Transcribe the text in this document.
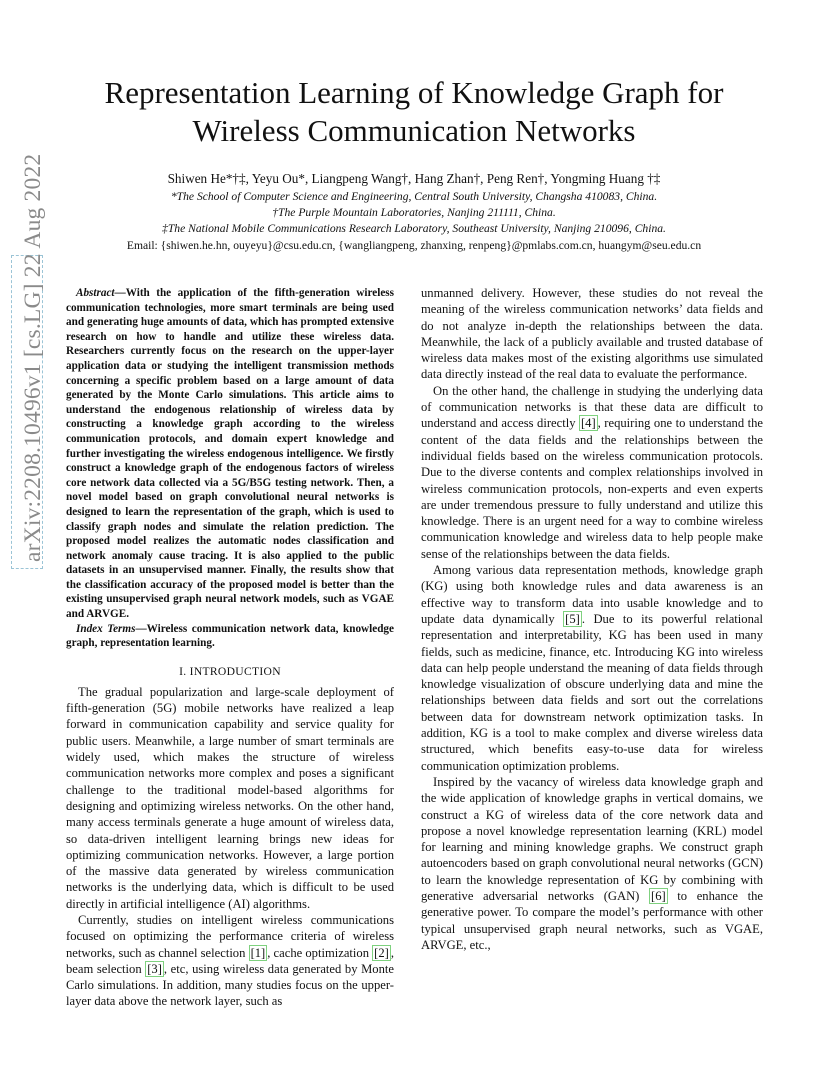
Representation Learning of Knowledge Graph for
Wireless Communication Networks
Shiwen He*†‡, Yeyu Ou*, Liangpeng Wang†, Hang Zhan†, Peng Ren†, Yongming Huang †‡
*The School of Computer Science and Engineering, Central South University, Changsha 410083, China.
†The Purple Mountain Laboratories, Nanjing 211111, China.
‡The National Mobile Communications Research Laboratory, Southeast University, Nanjing 210096, China.
Email: {shiwen.he.hn, ouyeyu}@csu.edu.cn, {wangliangpeng, zhanxing, renpeng}@pmlabs.com.cn, huangym@seu.edu.cn
arXiv:2208.10496v1 [cs.LG] 22 Aug 2022	Abstract—With the application of the fifth-generation wireless communication technologies, more smart terminals are being used and generating huge amounts of data, which has prompted extensive research on how to handle and utilize these wireless data. Researchers currently focus on the research on the upper-layer application data or studying the intelligent transmission methods concerning a specific problem based on a large amount of data generated by the Monte Carlo simulations. This article aims to understand the endogenous relationship of wireless data by constructing a knowledge graph according to the wireless communication protocols, and domain expert knowledge and further investigating the wireless endogenous intelligence. We firstly construct a knowledge graph of the endogenous factors of wireless core network data collected via a 5G/B5G testing network. Then, a novel model based on graph convolutional neural networks is designed to learn the representation of the graph, which is used to classify graph nodes and simulate the relation prediction. The proposed model realizes the automatic nodes classification and network anomaly cause tracing. It is also applied to the public datasets in an unsupervised manner. Finally, the results show that the classification accuracy of the proposed model is better than the existing unsupervised graph neural network models, such as VGAE and ARVGE.

Index Terms—Wireless communication network data, knowledge graph, representation learning.

I. INTRODUCTION

The gradual popularization and large-scale deployment of fifth-generation (5G) mobile networks have realized a leap forward in communication capability and service quality for public users. Meanwhile, a large number of smart terminals are widely used, which makes the structure of wireless communication networks more complex and poses a significant challenge to the traditional model-based algorithms for designing and optimizing wireless networks. On the other hand, many access terminals generate a huge amount of wireless data, so data-driven intelligent learning brings new ideas for optimizing communication networks. However, a large portion of the massive data generated by wireless communication networks is the underlying data, which is difficult to be used directly in artificial intelligence (AI) algorithms.

Currently, studies on intelligent wireless communications focused on optimizing the performance criteria of wireless networks, such as channel selection [1] , cache optimization [2] , beam selection [3] , etc, using wireless data generated by Monte Carlo simulations. In addition, many studies focus on the upper-layer data above the network layer, such as

unmanned delivery. However, these studies do not reveal the meaning of the wireless communication networks’ data fields and do not analyze in-depth the relationships between the data. Meanwhile, the lack of a publicly available and trusted database of wireless data makes most of the existing algorithms use simulated data directly instead of the real data to evaluate the performance.

On the other hand, the challenge in studying the underlying data of communication networks is that these data are difficult to understand and access directly [4] , requiring one to understand the content of the data fields and the relationships between the individual fields based on the wireless communication protocols. Due to the diverse contents and complex relationships involved in wireless communication protocols, non-experts and even experts are under tremendous pressure to fully understand and utilize this knowledge. There is an urgent need for a way to combine wireless communication knowledge and wireless data to help people make sense of the relationships between the data fields.

Among various data representation methods, knowledge graph (KG) using both knowledge rules and data awareness is an effective way to transform data into usable knowledge and to update data dynamically [5] . Due to its powerful relational representation and interpretability, KG has been used in many fields, such as medicine, finance, etc. Introducing KG into wireless data can help people understand the meaning of data fields through knowledge visualization of obscure underlying data and mine the relationships between data fields and sort out the correlations between data for downstream network optimization tasks. In addition, KG is a tool to make complex and diverse wireless data structured, which benefits easy-to-use data for wireless communication optimization problems.

Inspired by the vacancy of wireless data knowledge graph and the wide application of knowledge graphs in vertical domains, we construct a KG of wireless data of the core network data and propose a novel knowledge representation learning (KRL) model for learning and mining knowledge graphs. We construct graph autoencoders based on graph convolutional neural networks (GCN) to learn the knowledge representation of KG by combining with generative adversarial networks (GAN) [6] to enhance the generative power. To compare the model’s performance with other typical unsupervised graph neural networks, such as VGAE, ARVGE, etc.,
